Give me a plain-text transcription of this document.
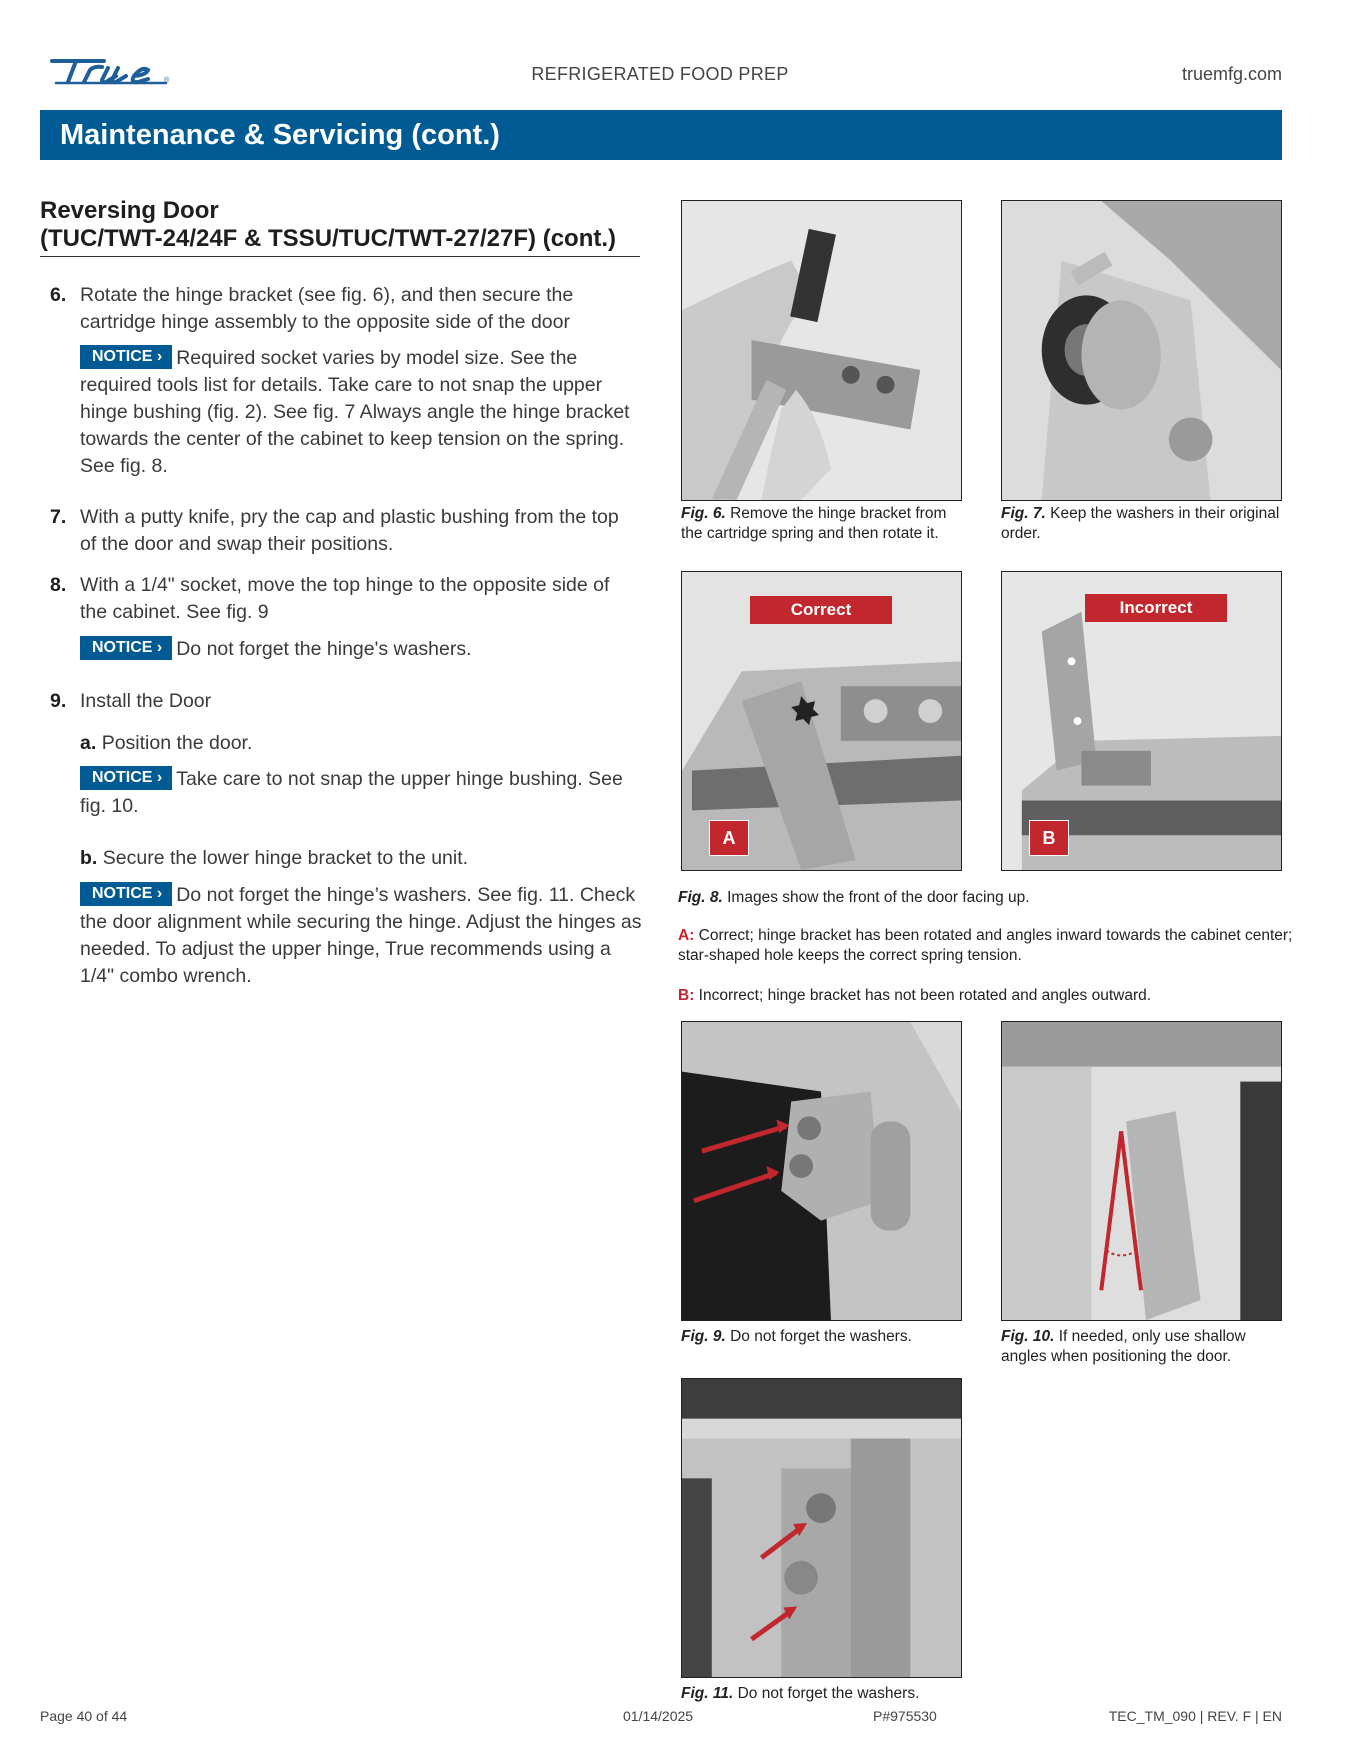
®	REFRIGERATED FOOD PREP	truemfg.com
Maintenance & Servicing (cont.)
Reversing Door
(TUC/TWT-24/24F & TSSU/TUC/TWT-27/27F) (cont.)
6. Rotate the hinge bracket (see fig. 6), and then secure the cartridge hinge assembly to the opposite side of the door
NOTICE › Required socket varies by model size. See the required tools list for details. Take care to not snap the upper hinge bushing (fig. 2). See fig. 7 Always angle the hinge bracket towards the center of the cabinet to keep tension on the spring. See fig. 8.
7. With a putty knife, pry the cap and plastic bushing from the top of the door and swap their positions.
8. With a 1/4" socket, move the top hinge to the opposite side of the cabinet. See fig. 9
NOTICE › Do not forget the hinge's washers.
9. Install the Door
a. Position the door.
NOTICE › Take care to not snap the upper hinge bushing. See fig. 10.
b. Secure the lower hinge bracket to the unit.
NOTICE › Do not forget the hinge’s washers. See fig. 11. Check the door alignment while securing the hinge. Adjust the hinges as needed. To adjust the upper hinge, True recommends using a 1/4" combo wrench.
Fig. 6. Remove the hinge bracket from the cartridge spring and then rotate it.
Fig. 7. Keep the washers in their original order.
Correct
A
Incorrect
B
Fig. 8. Images show the front of the door facing up.
A: Correct; hinge bracket has been rotated and angles inward towards the cabinet center; star-shaped hole keeps the correct spring tension.
B: Incorrect; hinge bracket has not been rotated and angles outward.
Fig. 9. Do not forget the washers.	Fig. 10. If needed, only use shallow angles when positioning the door.
Fig. 11. Do not forget the washers.
Page 40 of 44	01/14/2025	P#975530	TEC_TM_090 | REV. F | EN
